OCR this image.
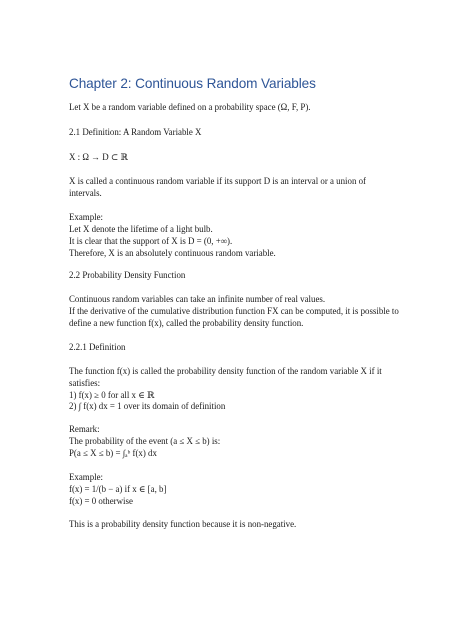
Chapter 2: Continuous Random Variables

Let X be a random variable defined on a probability space (Ω, F, P).

2.1 Definition: A Random Variable X

X : Ω → D ⊂ ℝ

X is called a continuous random variable if its support D is an interval or a union of

intervals.

Example:

Let X denote the lifetime of a light bulb.

It is clear that the support of X is D = (0, +∞).

Therefore, X is an absolutely continuous random variable.

2.2 Probability Density Function

Continuous random variables can take an infinite number of real values.

If the derivative of the cumulative distribution function FX can be computed, it is possible to

define a new function f(x), called the probability density function.

2.2.1 Definition

The function f(x) is called the probability density function of the random variable X if it

satisfies:

1) f(x) ≥ 0 for all x ∈ ℝ

2) ∫ f(x) dx = 1 over its domain of definition

Remark:

The probability of the event (a ≤ X ≤ b) is:

P(a ≤ X ≤ b) = ∫ₐᵇ f(x) dx

Example:

f(x) = 1/(b − a) if x ∈ [a, b]

f(x) = 0 otherwise

This is a probability density function because it is non-negative.
